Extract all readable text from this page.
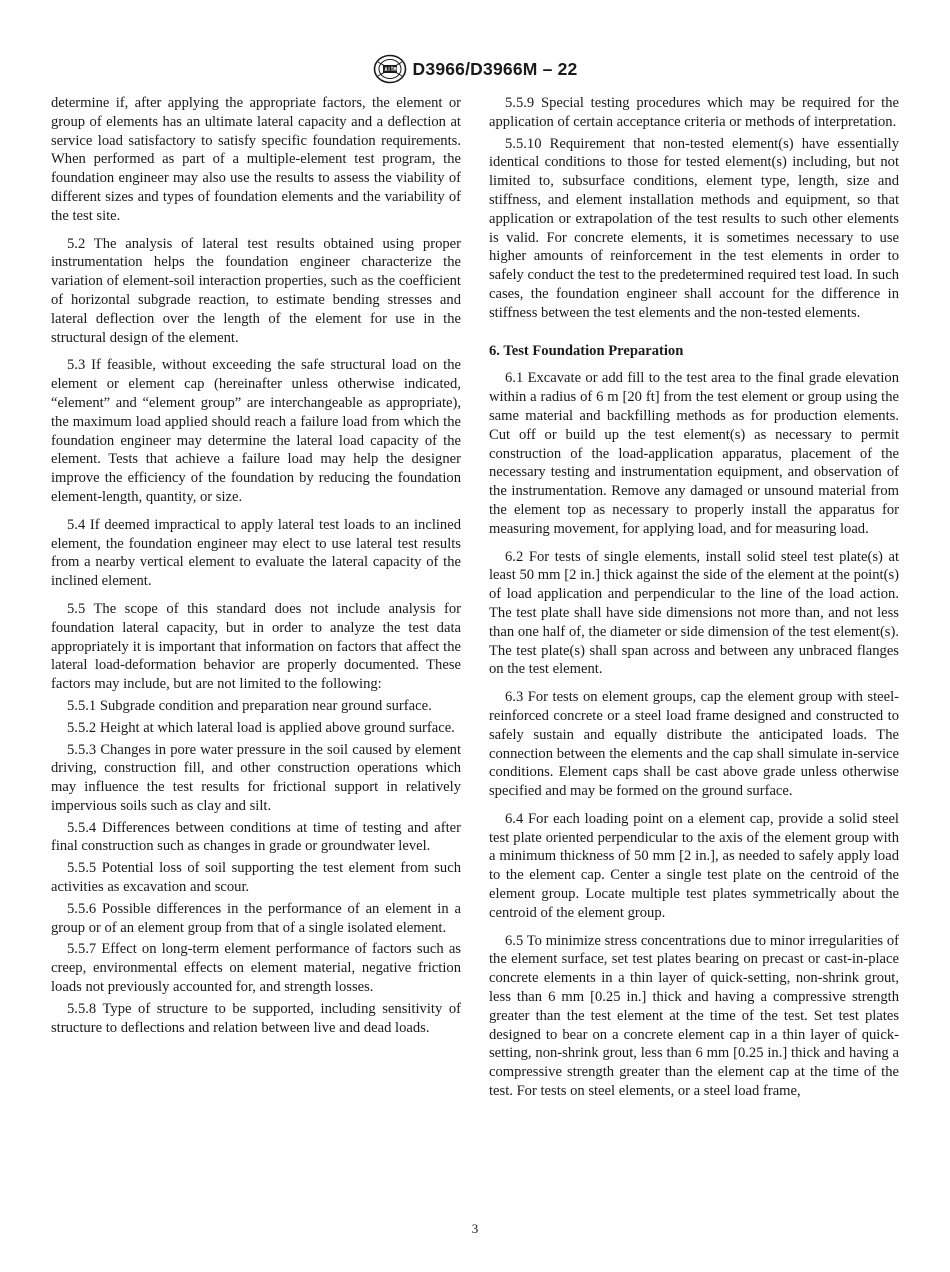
D3966/D3966M – 22

determine if, after applying the appropriate factors, the element or group of elements has an ultimate lateral capacity and a deflection at service load satisfactory to satisfy specific foundation requirements. When performed as part of a multiple-element test program, the foundation engineer may also use the results to assess the viability of different sizes and types of foundation elements and the variability of the test site.

5.2 The analysis of lateral test results obtained using proper instrumentation helps the foundation engineer characterize the variation of element-soil interaction properties, such as the coefficient of horizontal subgrade reaction, to estimate bending stresses and lateral deflection over the length of the element for use in the structural design of the element.

5.3 If feasible, without exceeding the safe structural load on the element or element cap (hereinafter unless otherwise indicated, “element” and “element group” are interchangeable as appropriate), the maximum load applied should reach a failure load from which the foundation engineer may determine the lateral load capacity of the element. Tests that achieve a failure load may help the designer improve the efficiency of the foundation by reducing the foundation element-length, quantity, or size.

5.4 If deemed impractical to apply lateral test loads to an inclined element, the foundation engineer may elect to use lateral test results from a nearby vertical element to evaluate the lateral capacity of the inclined element.

5.5 The scope of this standard does not include analysis for foundation lateral capacity, but in order to analyze the test data appropriately it is important that information on factors that affect the lateral load-deformation behavior are properly documented. These factors may include, but are not limited to the following:

5.5.1 Subgrade condition and preparation near ground surface.

5.5.2 Height at which lateral load is applied above ground surface.

5.5.3 Changes in pore water pressure in the soil caused by element driving, construction fill, and other construction operations which may influence the test results for frictional support in relatively impervious soils such as clay and silt.

5.5.4 Differences between conditions at time of testing and after final construction such as changes in grade or groundwater level.

5.5.5 Potential loss of soil supporting the test element from such activities as excavation and scour.

5.5.6 Possible differences in the performance of an element in a group or of an element group from that of a single isolated element.

5.5.7 Effect on long-term element performance of factors such as creep, environmental effects on element material, negative friction loads not previously accounted for, and strength losses.

5.5.8 Type of structure to be supported, including sensitivity of structure to deflections and relation between live and dead loads.

5.5.9 Special testing procedures which may be required for the application of certain acceptance criteria or methods of interpretation.

5.5.10 Requirement that non-tested element(s) have essentially identical conditions to those for tested element(s) including, but not limited to, subsurface conditions, element type, length, size and stiffness, and element installation methods and equipment, so that application or extrapolation of the test results to such other elements is valid. For concrete elements, it is sometimes necessary to use higher amounts of reinforcement in the test elements in order to safely conduct the test to the predetermined required test load. In such cases, the foundation engineer shall account for the difference in stiffness between the test elements and the non-tested elements.

6. Test Foundation Preparation

6.1 Excavate or add fill to the test area to the final grade elevation within a radius of 6 m [20 ft] from the test element or group using the same material and backfilling methods as for production elements. Cut off or build up the test element(s) as necessary to permit construction of the load-application apparatus, placement of the necessary testing and instrumentation equipment, and observation of the instrumentation. Remove any damaged or unsound material from the element top as necessary to properly install the apparatus for measuring movement, for applying load, and for measuring load.

6.2 For tests of single elements, install solid steel test plate(s) at least 50 mm [2 in.] thick against the side of the element at the point(s) of load application and perpendicular to the line of the load action. The test plate shall have side dimensions not more than, and not less than one half of, the diameter or side dimension of the test element(s). The test plate(s) shall span across and between any unbraced flanges on the test element.

6.3 For tests on element groups, cap the element group with steel-reinforced concrete or a steel load frame designed and constructed to safely sustain and equally distribute the anticipated loads. The connection between the elements and the cap shall simulate in-service conditions. Element caps shall be cast above grade unless otherwise specified and may be formed on the ground surface.

6.4 For each loading point on a element cap, provide a solid steel test plate oriented perpendicular to the axis of the element group with a minimum thickness of 50 mm [2 in.], as needed to safely apply load to the element cap. Center a single test plate on the centroid of the element group. Locate multiple test plates symmetrically about the centroid of the element group.

6.5 To minimize stress concentrations due to minor irregularities of the element surface, set test plates bearing on precast or cast-in-place concrete elements in a thin layer of quick-setting, non-shrink grout, less than 6 mm [0.25 in.] thick and having a compressive strength greater than the test element at the time of the test. Set test plates designed to bear on a concrete element cap in a thin layer of quick-setting, non-shrink grout, less than 6 mm [0.25 in.] thick and having a compressive strength greater than the element cap at the time of the test. For tests on steel elements, or a steel load frame,

3
